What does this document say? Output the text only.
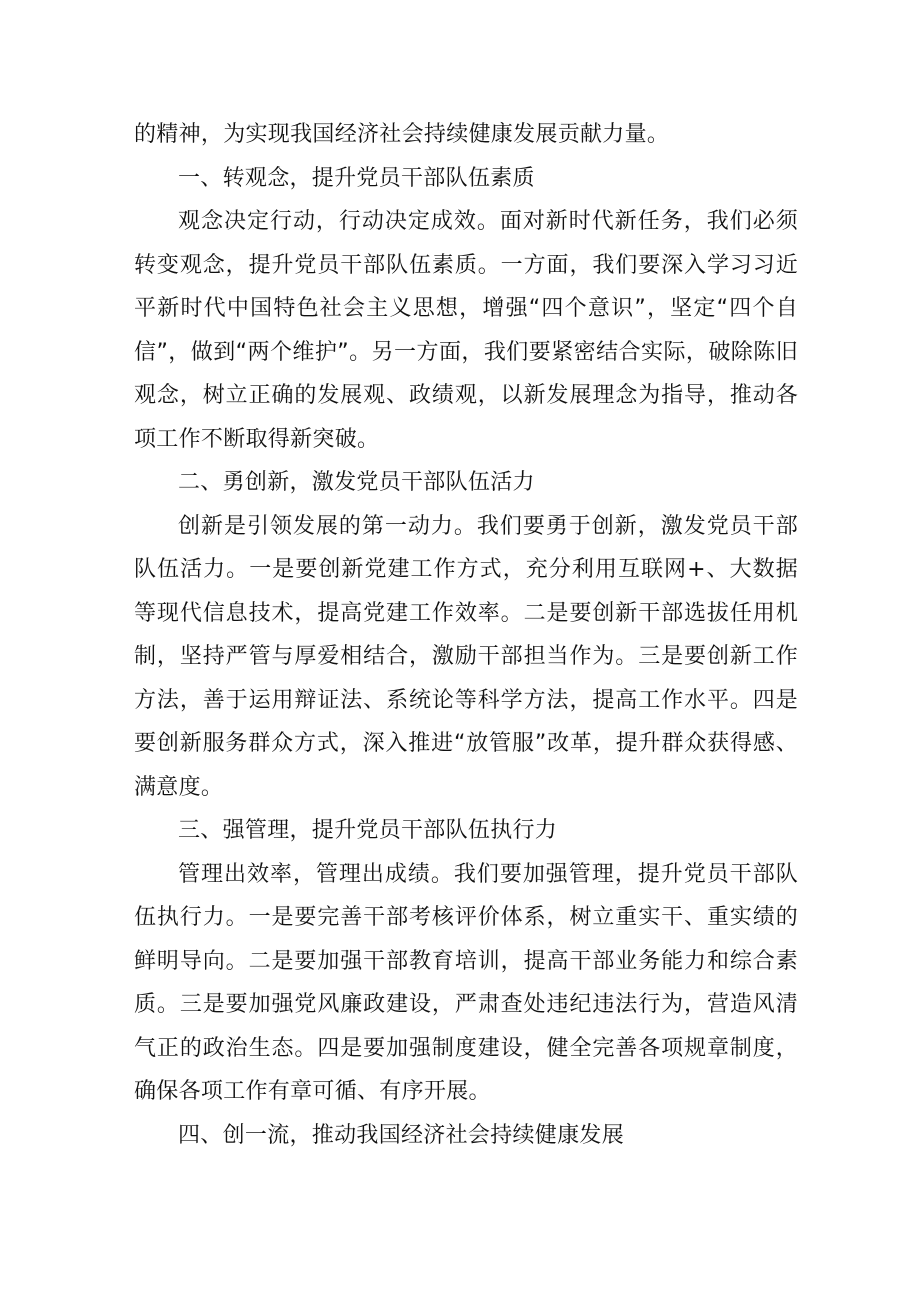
的精神，为实现我国经济社会持续健康发展贡献力量。

一、转观念，提升党员干部队伍素质

观念决定行动，行动决定成效。面对新时代新任务，我们必须转变观念，提升党员干部队伍素质。一方面，我们要深入学习习近平新时代中国特色社会主义思想，增强“四个意识”，坚定“四个自信”，做到“两个维护”。另一方面，我们要紧密结合实际，破除陈旧观念，树立正确的发展观、政绩观，以新发展理念为指导，推动各项工作不断取得新突破。

二、勇创新，激发党员干部队伍活力

创新是引领发展的第一动力。我们要勇于创新，激发党员干部队伍活力。一是要创新党建工作方式，充分利用互联网+、大数据等现代信息技术，提高党建工作效率。二是要创新干部选拔任用机制，坚持严管与厚爱相结合，激励干部担当作为。三是要创新工作方法，善于运用辩证法、系统论等科学方法，提高工作水平。四是要创新服务群众方式，深入推进“放管服”改革，提升群众获得感、满意度。

三、强管理，提升党员干部队伍执行力

管理出效率，管理出成绩。我们要加强管理，提升党员干部队伍执行力。一是要完善干部考核评价体系，树立重实干、重实绩的鲜明导向。二是要加强干部教育培训，提高干部业务能力和综合素质。三是要加强党风廉政建设，严肃查处违纪违法行为，营造风清气正的政治生态。四是要加强制度建设，健全完善各项规章制度，确保各项工作有章可循、有序开展。

四、创一流，推动我国经济社会持续健康发展
